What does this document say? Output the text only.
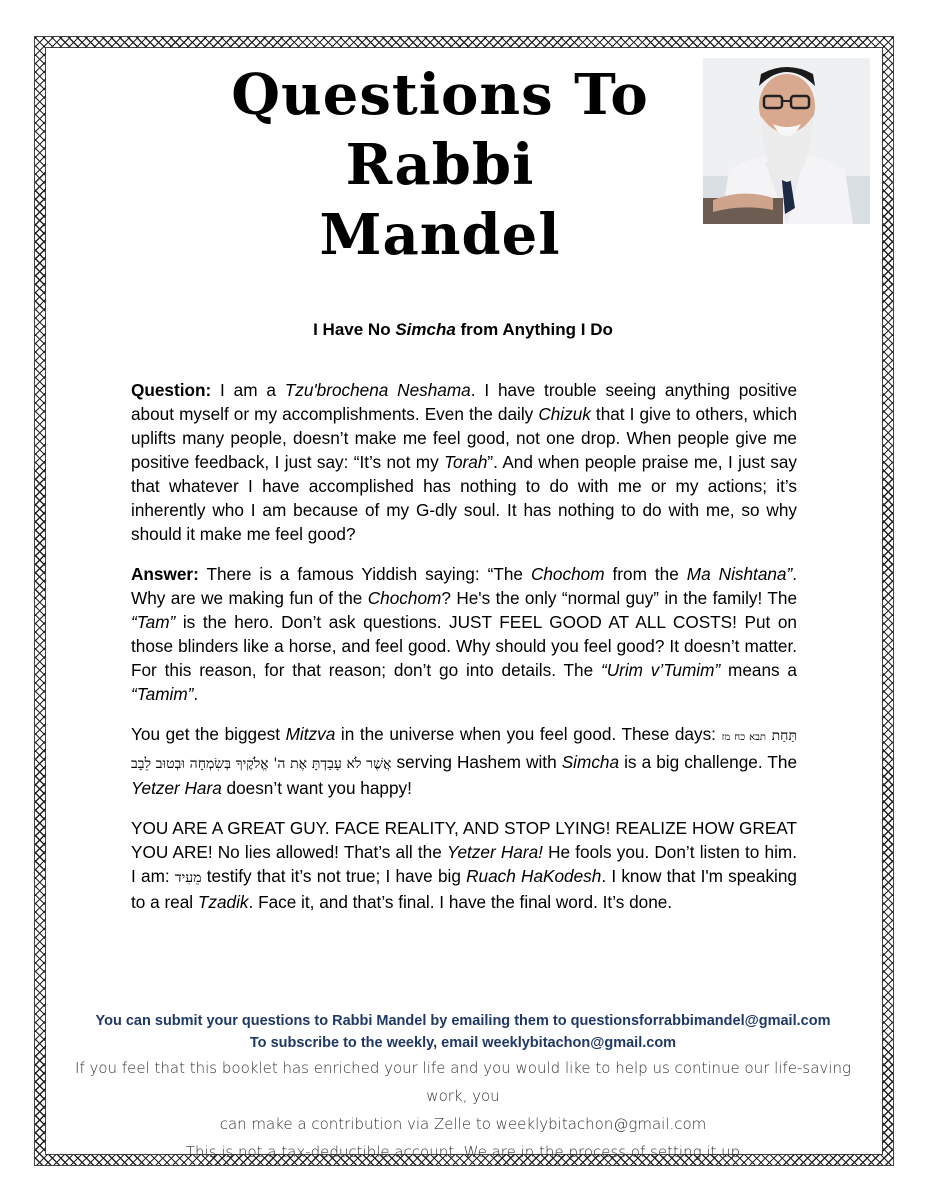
Questions To
Rabbi
Mandel
I Have No Simcha from Anything I Do

Question: I am a Tzu'brochena Neshama. I have trouble seeing anything positive about myself or my accomplishments. Even the daily Chizuk that I give to others, which uplifts many people, doesn’t make me feel good, not one drop. When people give me positive feedback, I just say: “It’s not my Torah”. And when people praise me, I just say that whatever I have accomplished has nothing to do with me or my actions; it’s inherently who I am because of my G-dly soul. It has nothing to do with me, so why should it make me feel good?

Answer: There is a famous Yiddish saying: “The Chochom from the Ma Nishtana”. Why are we making fun of the Chochom? He's the only “normal guy” in the family! The “Tam” is the hero. Don’t ask questions. JUST FEEL GOOD AT ALL COSTS! Put on those blinders like a horse, and feel good. Why should you feel good? It doesn’t matter. For this reason, for that reason; don’t go into details. The “Urim v’Tumim” means a “Tamim”.

You get the biggest Mitzva in the universe when you feel good. These days: תבא כח מז תַּחַת אֲשֶׁר לֹא עָבַדְתָּ אֶת ה' אֱלֹקֶיךָ בְּשִׂמְחָה וּבְטוּב לֵבָב serving Hashem with Simcha is a big challenge. The Yetzer Hara doesn’t want you happy!

YOU ARE A GREAT GUY. FACE REALITY, AND STOP LYING! REALIZE HOW GREAT YOU ARE! No lies allowed! That’s all the Yetzer Hara! He fools you. Don’t listen to him. I am: מֵעִיד testify that it’s not true; I have big Ruach HaKodesh. I know that I'm speaking to a real Tzadik. Face it, and that’s final. I have the final word. It’s done.

You can submit your questions to Rabbi Mandel by emailing them to questionsforrabbimandel@gmail.com
To subscribe to the weekly, email weeklybitachon@gmail.com
If you feel that this booklet has enriched your life and you would like to help us continue our life-saving work, you
can make a contribution via Zelle to weeklybitachon@gmail.com
This is not a tax-deductible account. We are in the process of setting it up
